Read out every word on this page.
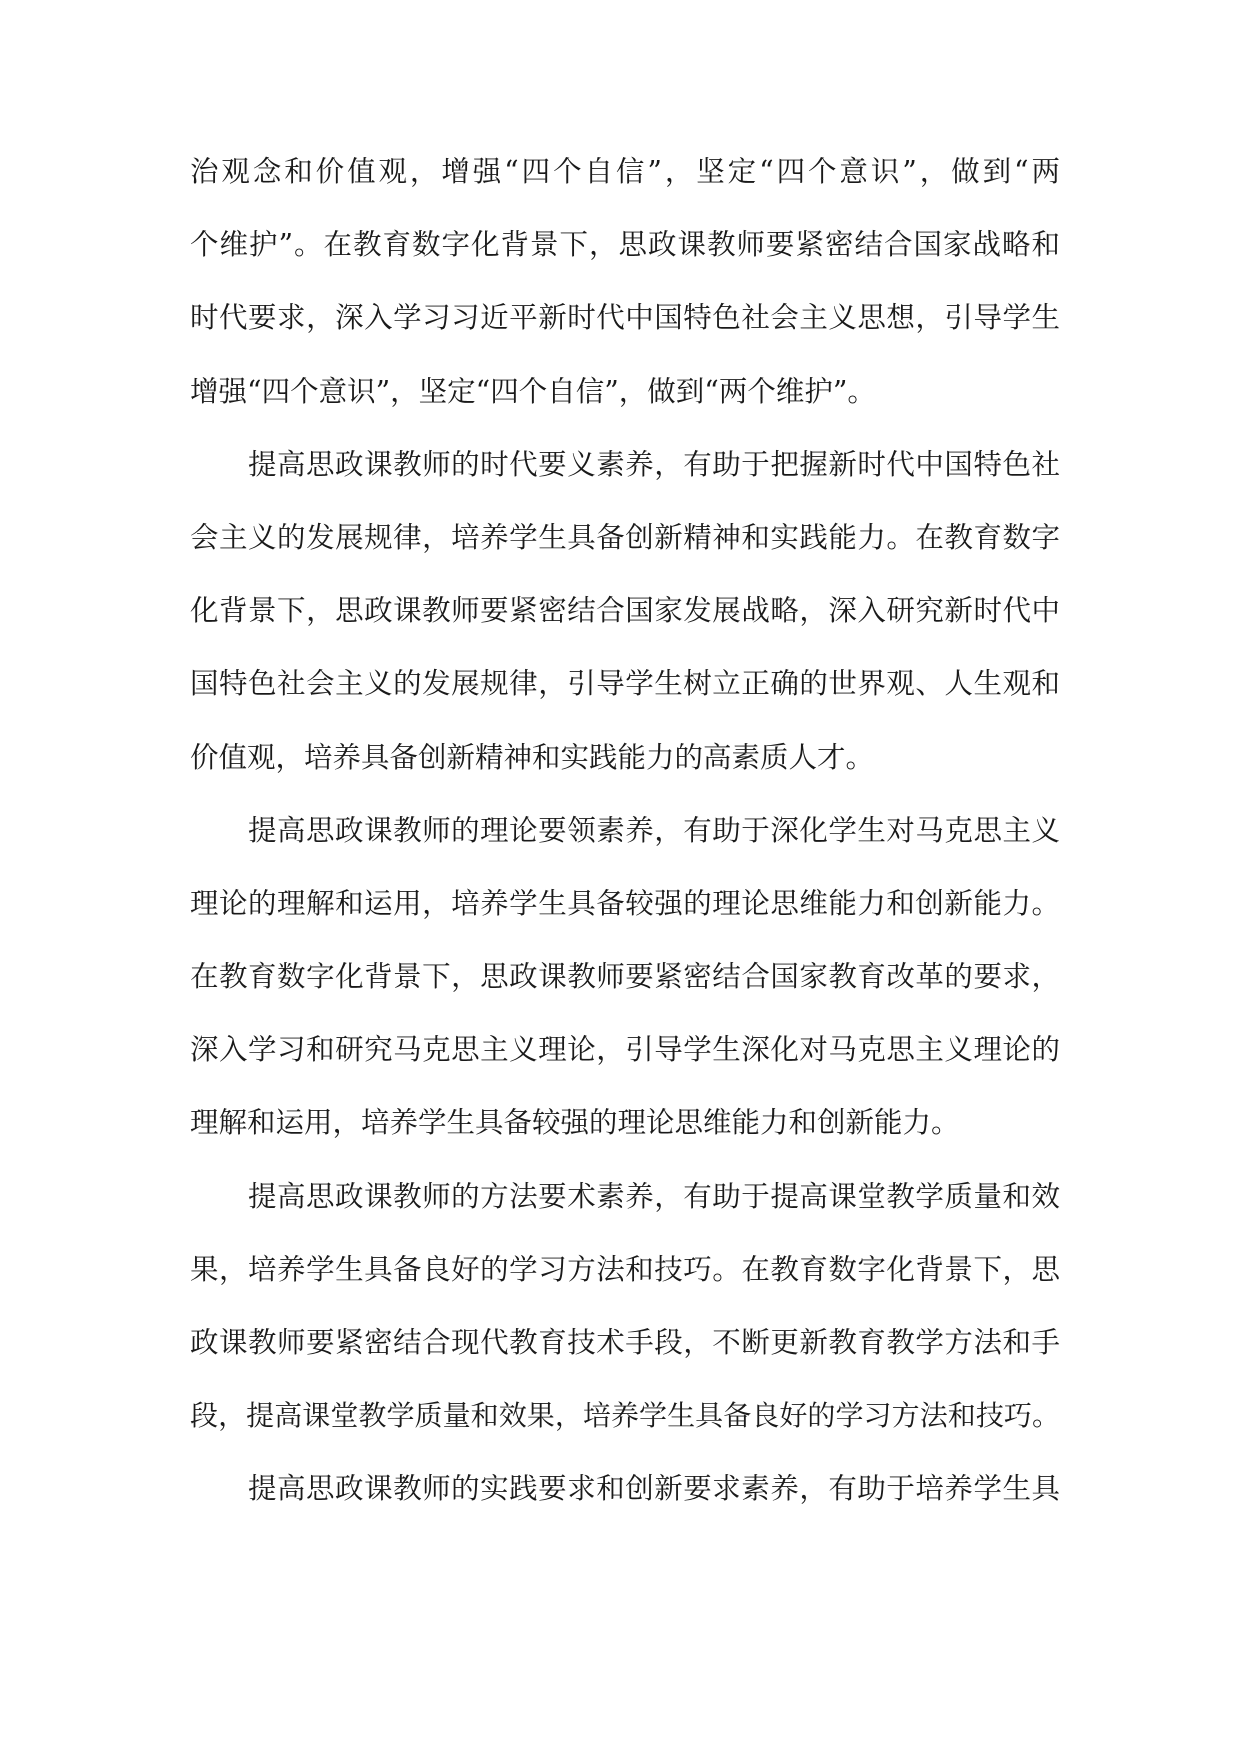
治观念和价值观，增强“四个自信”，坚定“四个意识”，做到“两
个维护”。在教育数字化背景下，思政课教师要紧密结合国家战略和
时代要求，深入学习习近平新时代中国特色社会主义思想，引导学生
增强“四个意识”，坚定“四个自信”，做到“两个维护”。
提高思政课教师的时代要义素养，有助于把握新时代中国特色社
会主义的发展规律，培养学生具备创新精神和实践能力。在教育数字
化背景下，思政课教师要紧密结合国家发展战略，深入研究新时代中
国特色社会主义的发展规律，引导学生树立正确的世界观、人生观和
价值观，培养具备创新精神和实践能力的高素质人才。
提高思政课教师的理论要领素养，有助于深化学生对马克思主义
理论的理解和运用，培养学生具备较强的理论思维能力和创新能力。
在教育数字化背景下，思政课教师要紧密结合国家教育改革的要求，
深入学习和研究马克思主义理论，引导学生深化对马克思主义理论的
理解和运用，培养学生具备较强的理论思维能力和创新能力。
提高思政课教师的方法要术素养，有助于提高课堂教学质量和效
果，培养学生具备良好的学习方法和技巧。在教育数字化背景下，思
政课教师要紧密结合现代教育技术手段，不断更新教育教学方法和手
段，提高课堂教学质量和效果，培养学生具备良好的学习方法和技巧。
提高思政课教师的实践要求和创新要求素养，有助于培养学生具
